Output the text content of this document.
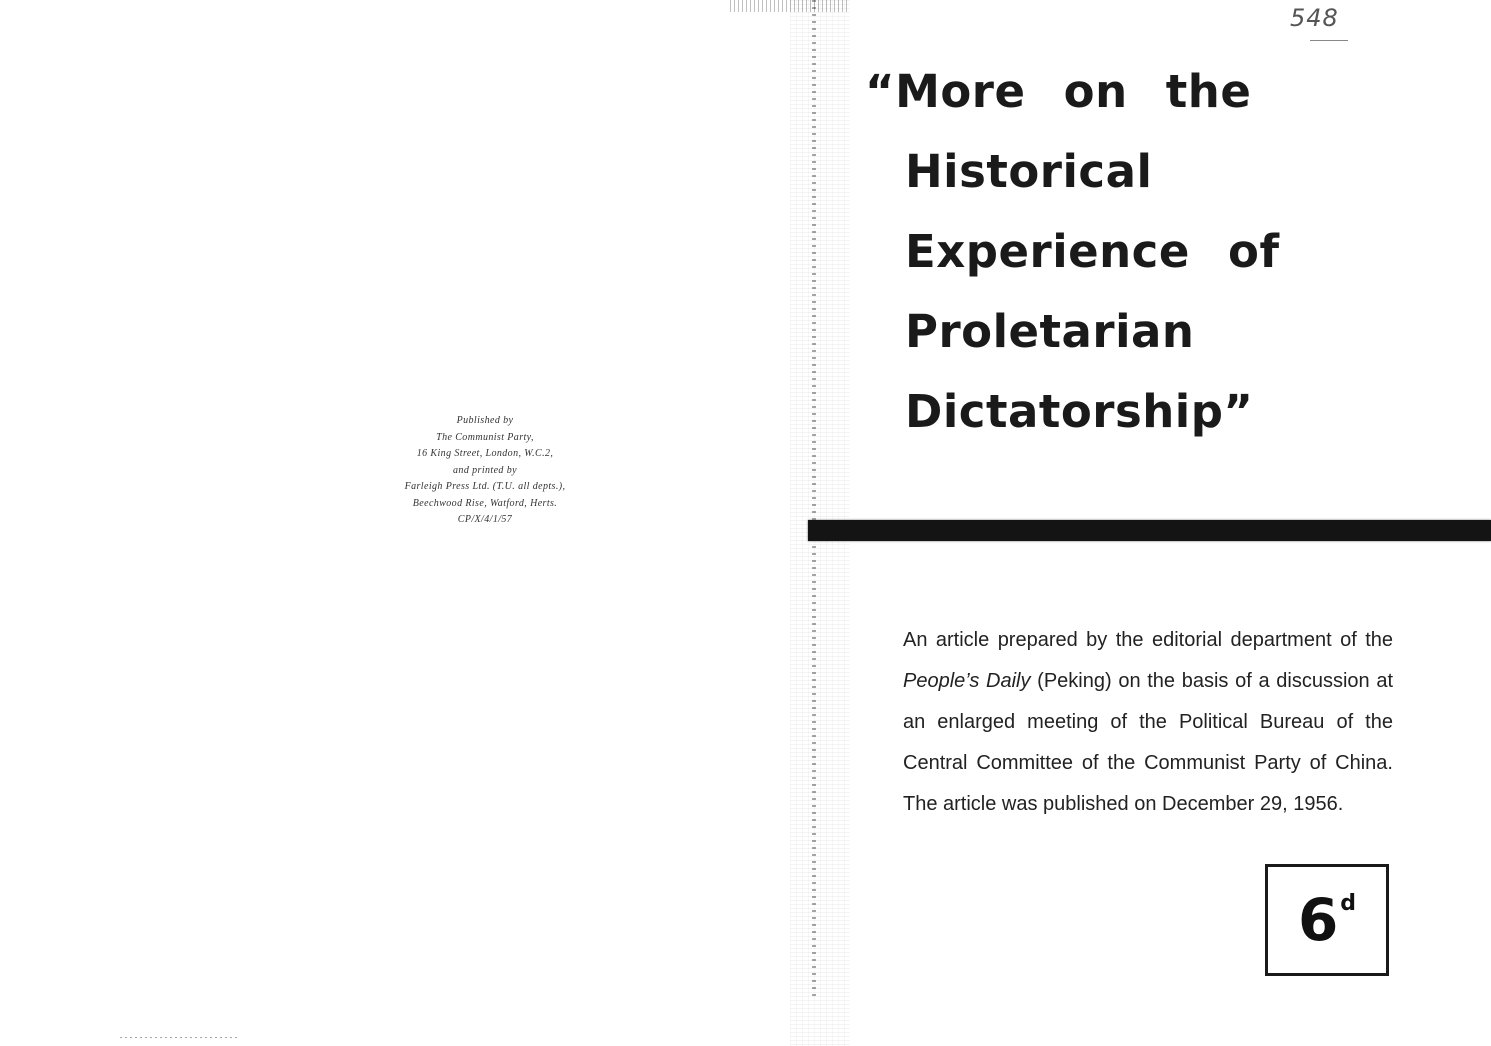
Published by
The Communist Party,
16 King Street, London, W.C.2,
and printed by
Farleigh Press Ltd. (T.U. all depts.),
Beechwood Rise, Watford, Herts.
CP/X/4/1/57
548
“More on the
Historical
Experience of
Proletarian
Dictatorship”

An article prepared by the editorial department of the People’s Daily (Peking) on the basis of a discussion at an enlarged meeting of the Political Bureau of the Central Committee of the Communist Party of China. The article was published on December 29, 1956.

6 d
